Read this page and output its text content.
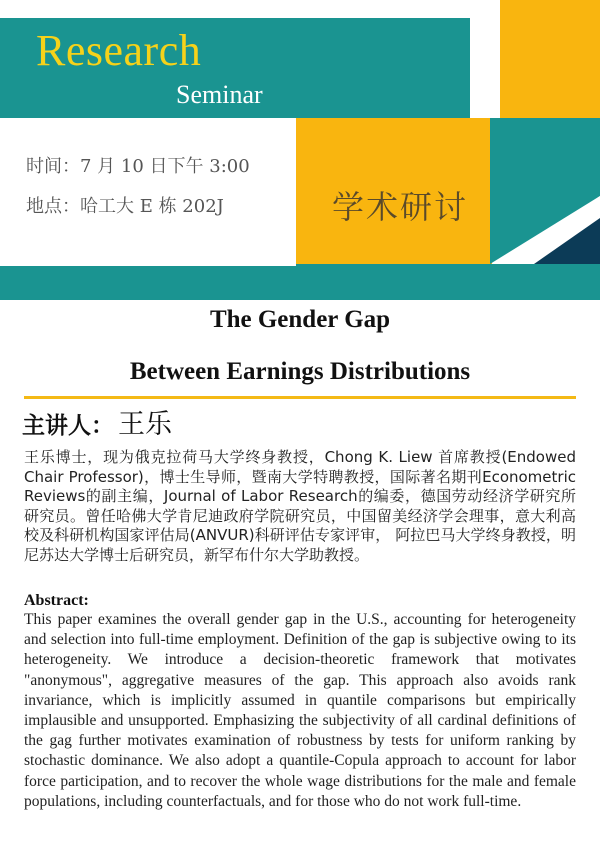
Research
Seminar
时间：7 月 10 日下午 3:00
地点：哈工大 E 栋 202J	学术研讨
The Gender Gap
Between Earnings Distributions
主讲人： 王乐
王乐博士，现为俄克拉荷马大学终身教授，Chong K. Liew 首席教授(Endowed Chair Professor)，博士生导师，暨南大学特聘教授，国际著名期刊Econometric Reviews的副主编，Journal of Labor Research的编委，德国劳动经济学研究所研究员。曾任哈佛大学肯尼迪政府学院研究员，中国留美经济学会理事，意大利高校及科研机构国家评估局(ANVUR)科研评估专家评审， 阿拉巴马大学终身教授，明尼苏达大学博士后研究员，新罕布什尔大学助教授。
Abstract:
This paper examines the overall gender gap in the U.S., accounting for heterogeneity and selection into full-time employment. Definition of the gap is subjective owing to its heterogeneity. We introduce a decision-theoretic framework that motivates "anonymous", aggregative measures of the gap. This approach also avoids rank invariance, which is implicitly assumed in quantile comparisons but empirically implausible and unsupported. Emphasizing the subjectivity of all cardinal definitions of the gag further motivates examination of robustness by tests for uniform ranking by stochastic dominance. We also adopt a quantile-Copula approach to account for labor force participation, and to recover the whole wage distributions for the male and female populations, including counterfactuals, and for those who do not work full-time.
